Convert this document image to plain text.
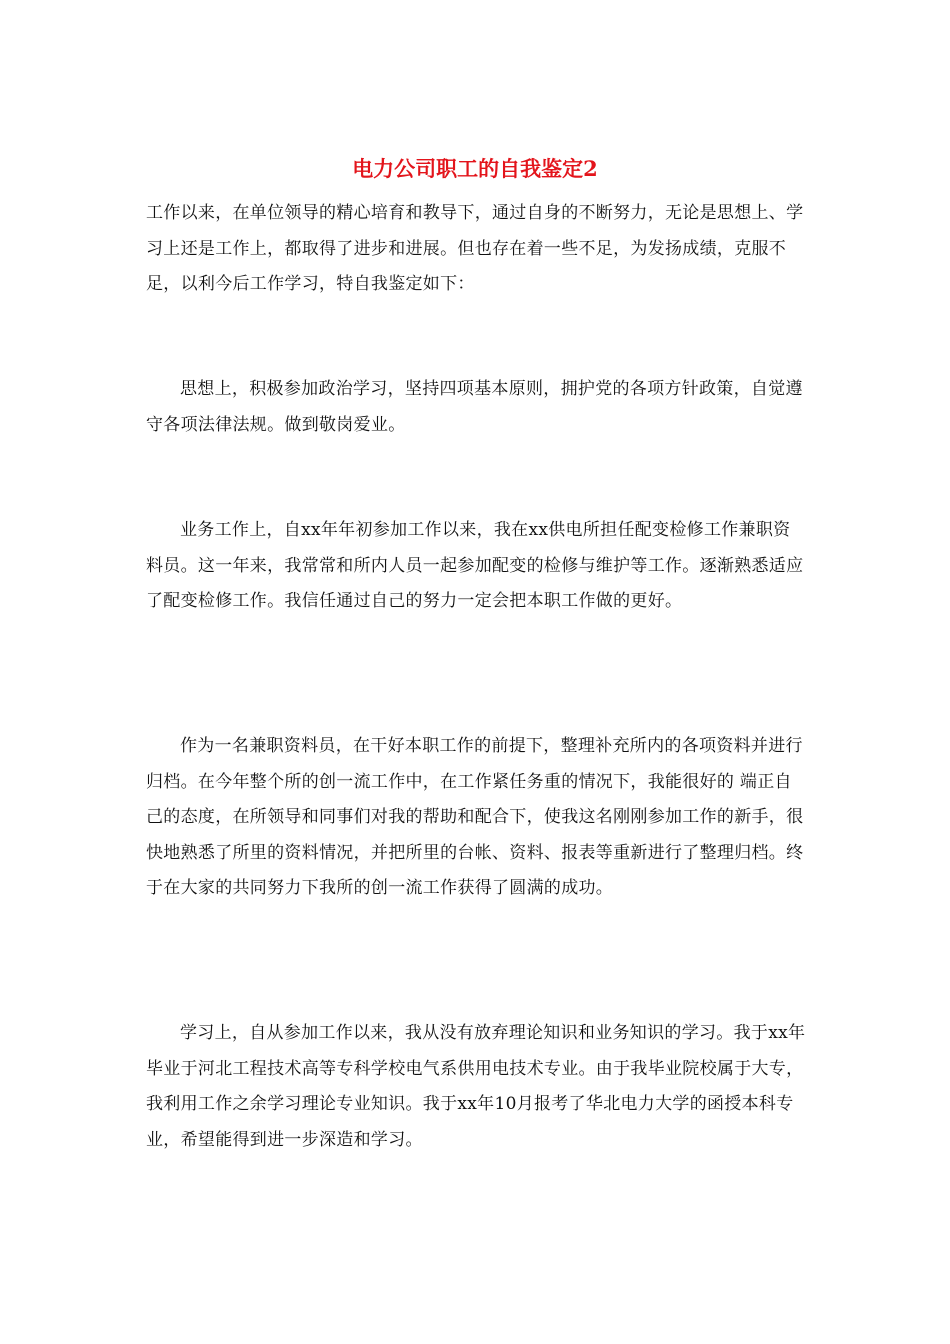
电力公司职工的自我鉴定2

工作以来，在单位领导的精心培育和教导下，通过自身的不断努力，无论是思想上、学习上还是工作上，都取得了进步和进展。但也存在着一些不足，为发扬成绩，克服不足，以利今后工作学习，特自我鉴定如下：

思想上，积极参加政治学习，坚持四项基本原则，拥护党的各项方针政策，自觉遵守各项法律法规。做到敬岗爱业。

业务工作上，自xx年年初参加工作以来，我在xx供电所担任配变检修工作兼职资料员。这一年来，我常常和所内人员一起参加配变的检修与维护等工作。逐渐熟悉适应了配变检修工作。我信任通过自己的努力一定会把本职工作做的更好。

作为一名兼职资料员，在干好本职工作的前提下，整理补充所内的各项资料并进行归档。在今年整个所的创一流工作中，在工作紧任务重的情况下，我能很好的 端正自己的态度，在所领导和同事们对我的帮助和配合下，使我这名刚刚参加工作的新手，很快地熟悉了所里的资料情况，并把所里的台帐、资料、报表等重新进行了整理归档。终于在大家的共同努力下我所的创一流工作获得了圆满的成功。

学习上，自从参加工作以来，我从没有放弃理论知识和业务知识的学习。我于xx年毕业于河北工程技术高等专科学校电气系供用电技术专业。由于我毕业院校属于大专，我利用工作之余学习理论专业知识。我于xx年10月报考了华北电力大学的函授本科专业，希望能得到进一步深造和学习。
